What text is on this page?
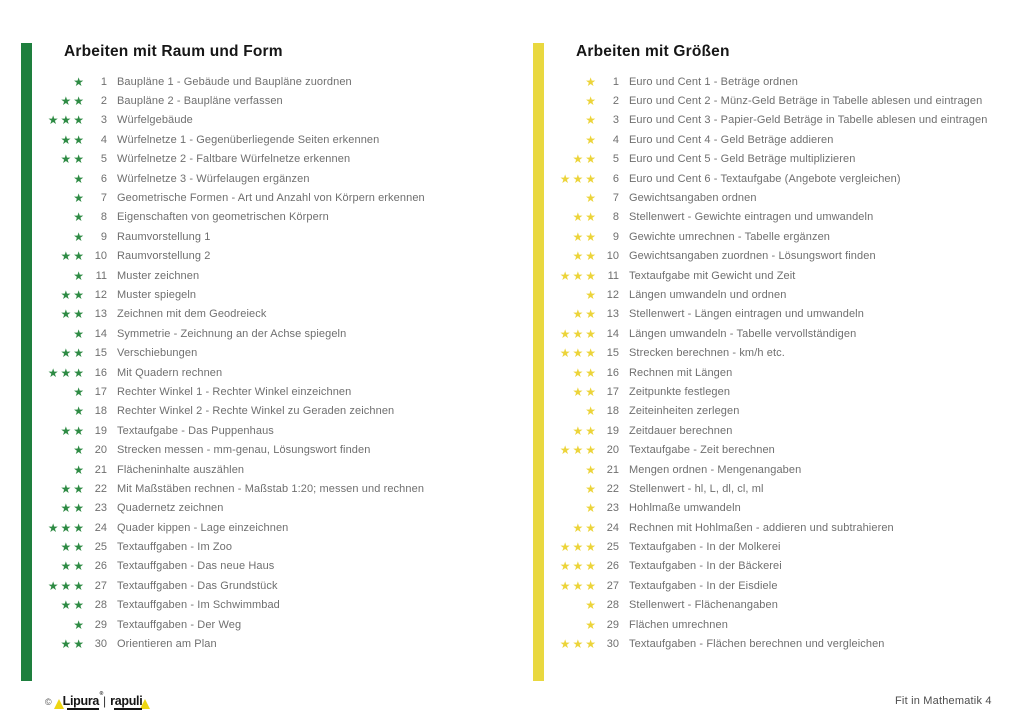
Arbeiten mit Raum und Form
★	1 Baupläne 1 - Gebäude und Baupläne zuordnen
★★	2 Baupläne 2 - Baupläne verfassen
★★★	3 Würfelgebäude
★★	4 Würfelnetze 1 - Gegenüberliegende Seiten erkennen
★★	5 Würfelnetze 2 - Faltbare Würfelnetze erkennen
★	6 Würfelnetze 3 - Würfelaugen ergänzen
★	7 Geometrische Formen - Art und Anzahl von Körpern erkennen
★	8 Eigenschaften von geometrischen Körpern
★	9 Raumvorstellung 1
★★ 10 Raumvorstellung 2
★ 11 Muster zeichnen
★★ 12 Muster spiegeln
★★ 13 Zeichnen mit dem Geodreieck
★ 14 Symmetrie - Zeichnung an der Achse spiegeln
★★ 15 Verschiebungen
★★★ 16 Mit Quadern rechnen
★ 17 Rechter Winkel 1 - Rechter Winkel einzeichnen
★ 18 Rechter Winkel 2 - Rechte Winkel zu Geraden zeichnen
★★ 19 Textaufgabe - Das Puppenhaus
★ 20 Strecken messen - mm-genau, Lösungswort finden
★ 21 Flächeninhalte auszählen
★★ 22 Mit Maßstäben rechnen - Maßstab 1:20; messen und rechnen
★★ 23 Quadernetz zeichnen
★★★ 24 Quader kippen - Lage einzeichnen
★★ 25 Textauffgaben - Im Zoo
★★ 26 Textauffgaben - Das neue Haus
★★★ 27 Textauffgaben - Das Grundstück
★★ 28 Textauffgaben - Im Schwimmbad
★ 29 Textauffgaben - Der Weg
★★ 30 Orientieren am Plan
Arbeiten mit Größen
★	1 Euro und Cent 1 - Beträge ordnen
★	2 Euro und Cent 2 - Münz-Geld Beträge in Tabelle ablesen und eintragen
★	3 Euro und Cent 3 - Papier-Geld Beträge in Tabelle ablesen und eintragen
★	4 Euro und Cent 4 - Geld Beträge addieren
★★	5 Euro und Cent 5 - Geld Beträge multiplizieren
★★★	6 Euro und Cent 6 - Textaufgabe (Angebote vergleichen)
★	7 Gewichtsangaben ordnen
★★	8 Stellenwert - Gewichte eintragen und umwandeln
★★	9 Gewichte umrechnen - Tabelle ergänzen
★★ 10 Gewichtsangaben zuordnen - Lösungswort finden
★★★ 11 Textaufgabe mit Gewicht und Zeit
★ 12 Längen umwandeln und ordnen
★★ 13 Stellenwert - Längen eintragen und umwandeln
★★★ 14 Längen umwandeln - Tabelle vervollständigen
★★★ 15 Strecken berechnen - km/h etc.
★★ 16 Rechnen mit Längen
★★ 17 Zeitpunkte festlegen
★ 18 Zeiteinheiten zerlegen
★★ 19 Zeitdauer berechnen
★★★ 20 Textaufgabe - Zeit berechnen
★ 21 Mengen ordnen - Mengenangaben
★ 22 Stellenwert - hl, L, dl, cl, ml
★ 23 Hohlmaße umwandeln
★★ 24 Rechnen mit Hohlmaßen - addieren und subtrahieren
★★★ 25 Textaufgaben - In der Molkerei
★★★ 26 Textaufgaben - In der Bäckerei
★★★ 27 Textaufgaben - In der Eisdiele
★ 28 Stellenwert - Flächenangaben
★ 29 Flächen umrechnen
★★★ 30 Textaufgaben - Flächen berechnen und vergleichen
© Lipura ®
| rapuli	Fit in Mathematik 4
